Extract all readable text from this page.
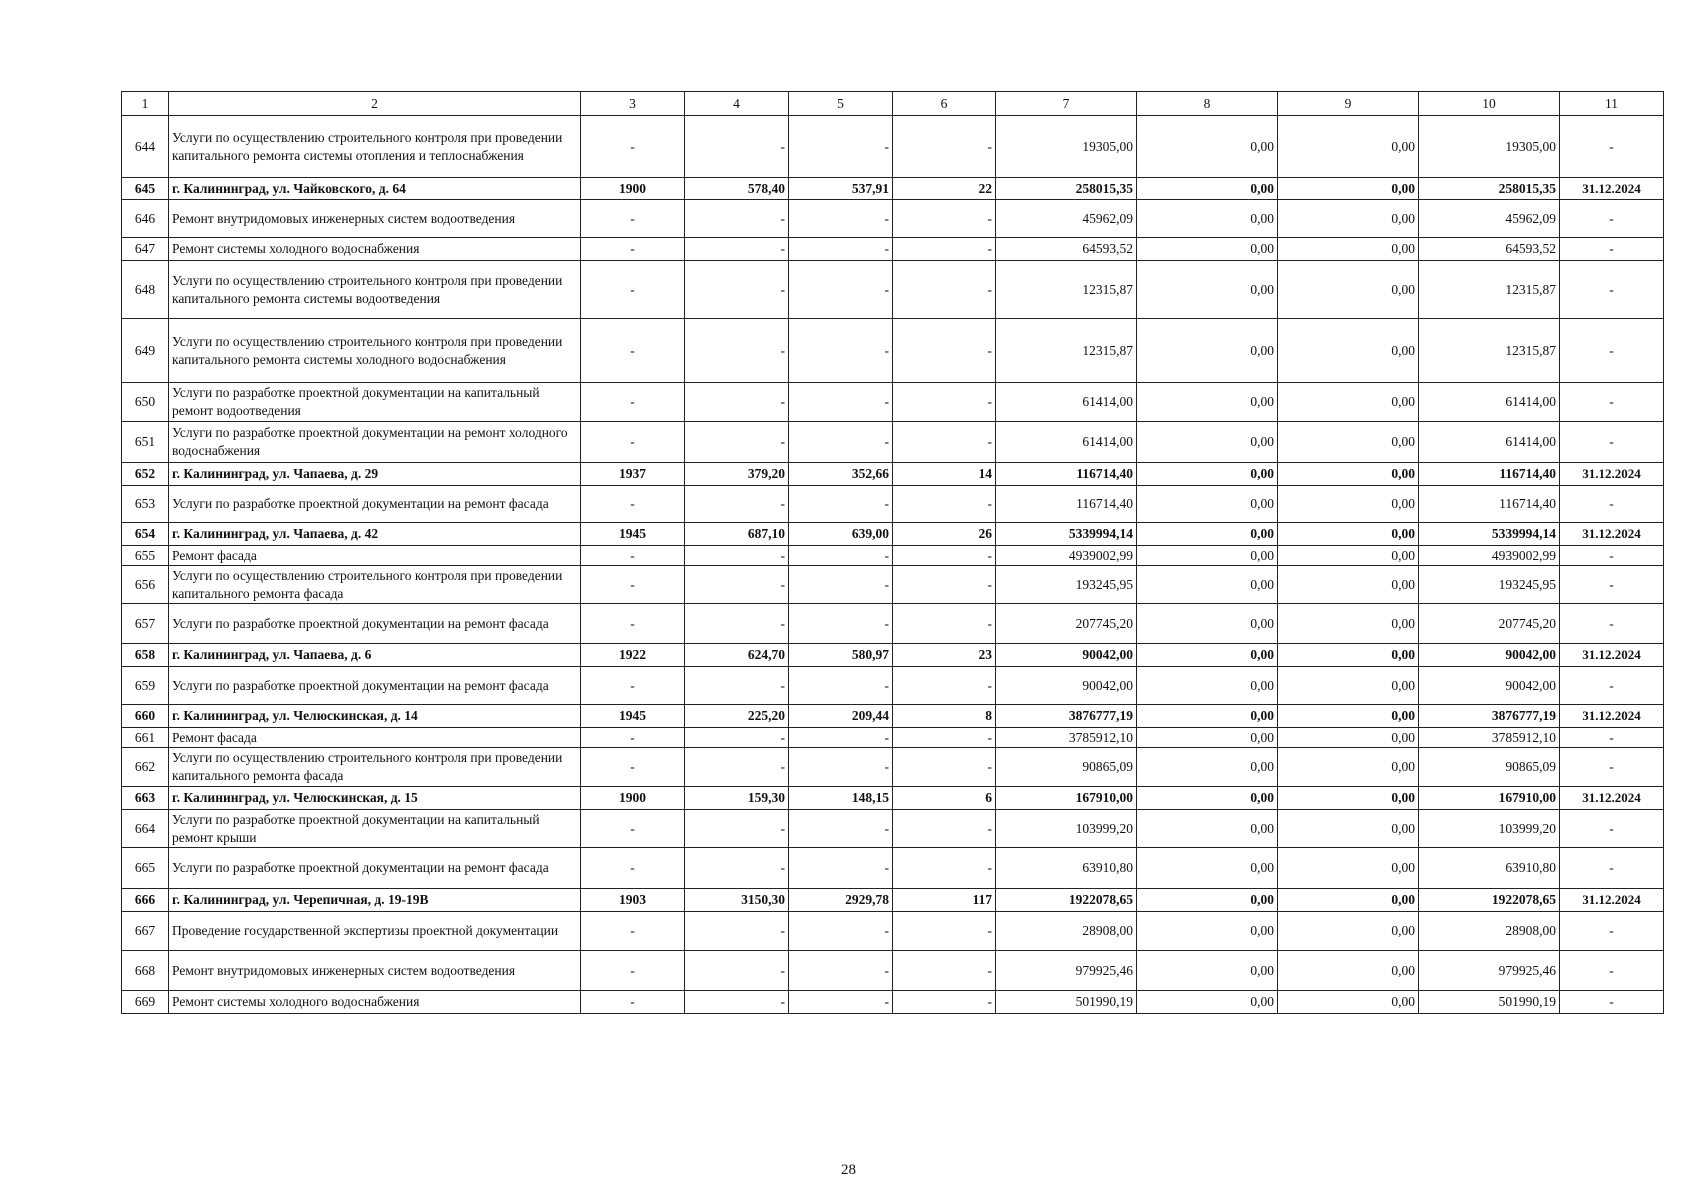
1	2	3	4	5	6	7	8	9	10	11
644	Услуги по осуществлению строительного контроля при проведении капитального ремонта системы отопления и теплоснабжения	-	-	-	-	19305,00	0,00	0,00	19305,00	-
645	г. Калининград, ул. Чайковского, д. 64	1900	578,40	537,91	22	258015,35	0,00	0,00	258015,35	31.12.2024
646	Ремонт внутридомовых инженерных систем водоотведения	-	-	-	-	45962,09	0,00	0,00	45962,09	-
647	Ремонт системы холодного водоснабжения	-	-	-	-	64593,52	0,00	0,00	64593,52	-
648	Услуги по осуществлению строительного контроля при проведении капитального ремонта системы водоотведения	-	-	-	-	12315,87	0,00	0,00	12315,87	-
649	Услуги по осуществлению строительного контроля при проведении капитального ремонта системы холодного водоснабжения	-	-	-	-	12315,87	0,00	0,00	12315,87	-
650	Услуги по разработке проектной документации на капитальный ремонт водоотведения	-	-	-	-	61414,00	0,00	0,00	61414,00	-
651	Услуги по разработке проектной документации на ремонт холодного водоснабжения	-	-	-	-	61414,00	0,00	0,00	61414,00	-
652	г. Калининград, ул. Чапаева, д. 29	1937	379,20	352,66	14	116714,40	0,00	0,00	116714,40	31.12.2024
653	Услуги по разработке проектной документации на ремонт фасада	-	-	-	-	116714,40	0,00	0,00	116714,40	-
654	г. Калининград, ул. Чапаева, д. 42	1945	687,10	639,00	26	5339994,14	0,00	0,00	5339994,14	31.12.2024
655	Ремонт фасада	-	-	-	-	4939002,99	0,00	0,00	4939002,99	-
656	Услуги по осуществлению строительного контроля при проведении капитального ремонта фасада	-	-	-	-	193245,95	0,00	0,00	193245,95	-
657	Услуги по разработке проектной документации на ремонт фасада	-	-	-	-	207745,20	0,00	0,00	207745,20	-
658	г. Калининград, ул. Чапаева, д. 6	1922	624,70	580,97	23	90042,00	0,00	0,00	90042,00	31.12.2024
659	Услуги по разработке проектной документации на ремонт фасада	-	-	-	-	90042,00	0,00	0,00	90042,00	-
660	г. Калининград, ул. Челюскинская, д. 14	1945	225,20	209,44	8	3876777,19	0,00	0,00	3876777,19	31.12.2024
661	Ремонт фасада	-	-	-	-	3785912,10	0,00	0,00	3785912,10	-
662	Услуги по осуществлению строительного контроля при проведении капитального ремонта фасада	-	-	-	-	90865,09	0,00	0,00	90865,09	-
663	г. Калининград, ул. Челюскинская, д. 15	1900	159,30	148,15	6	167910,00	0,00	0,00	167910,00	31.12.2024
664	Услуги по разработке проектной документации на капитальный ремонт крыши	-	-	-	-	103999,20	0,00	0,00	103999,20	-
665	Услуги по разработке проектной документации на ремонт фасада	-	-	-	-	63910,80	0,00	0,00	63910,80	-
666	г. Калининград, ул. Черепичная, д. 19-19В	1903	3150,30	2929,78	117	1922078,65	0,00	0,00	1922078,65	31.12.2024
667	Проведение государственной экспертизы проектной документации	-	-	-	-	28908,00	0,00	0,00	28908,00	-
668	Ремонт внутридомовых инженерных систем водоотведения	-	-	-	-	979925,46	0,00	0,00	979925,46	-
669	Ремонт системы холодного водоснабжения	-	-	-	-	501990,19	0,00	0,00	501990,19	-
28
